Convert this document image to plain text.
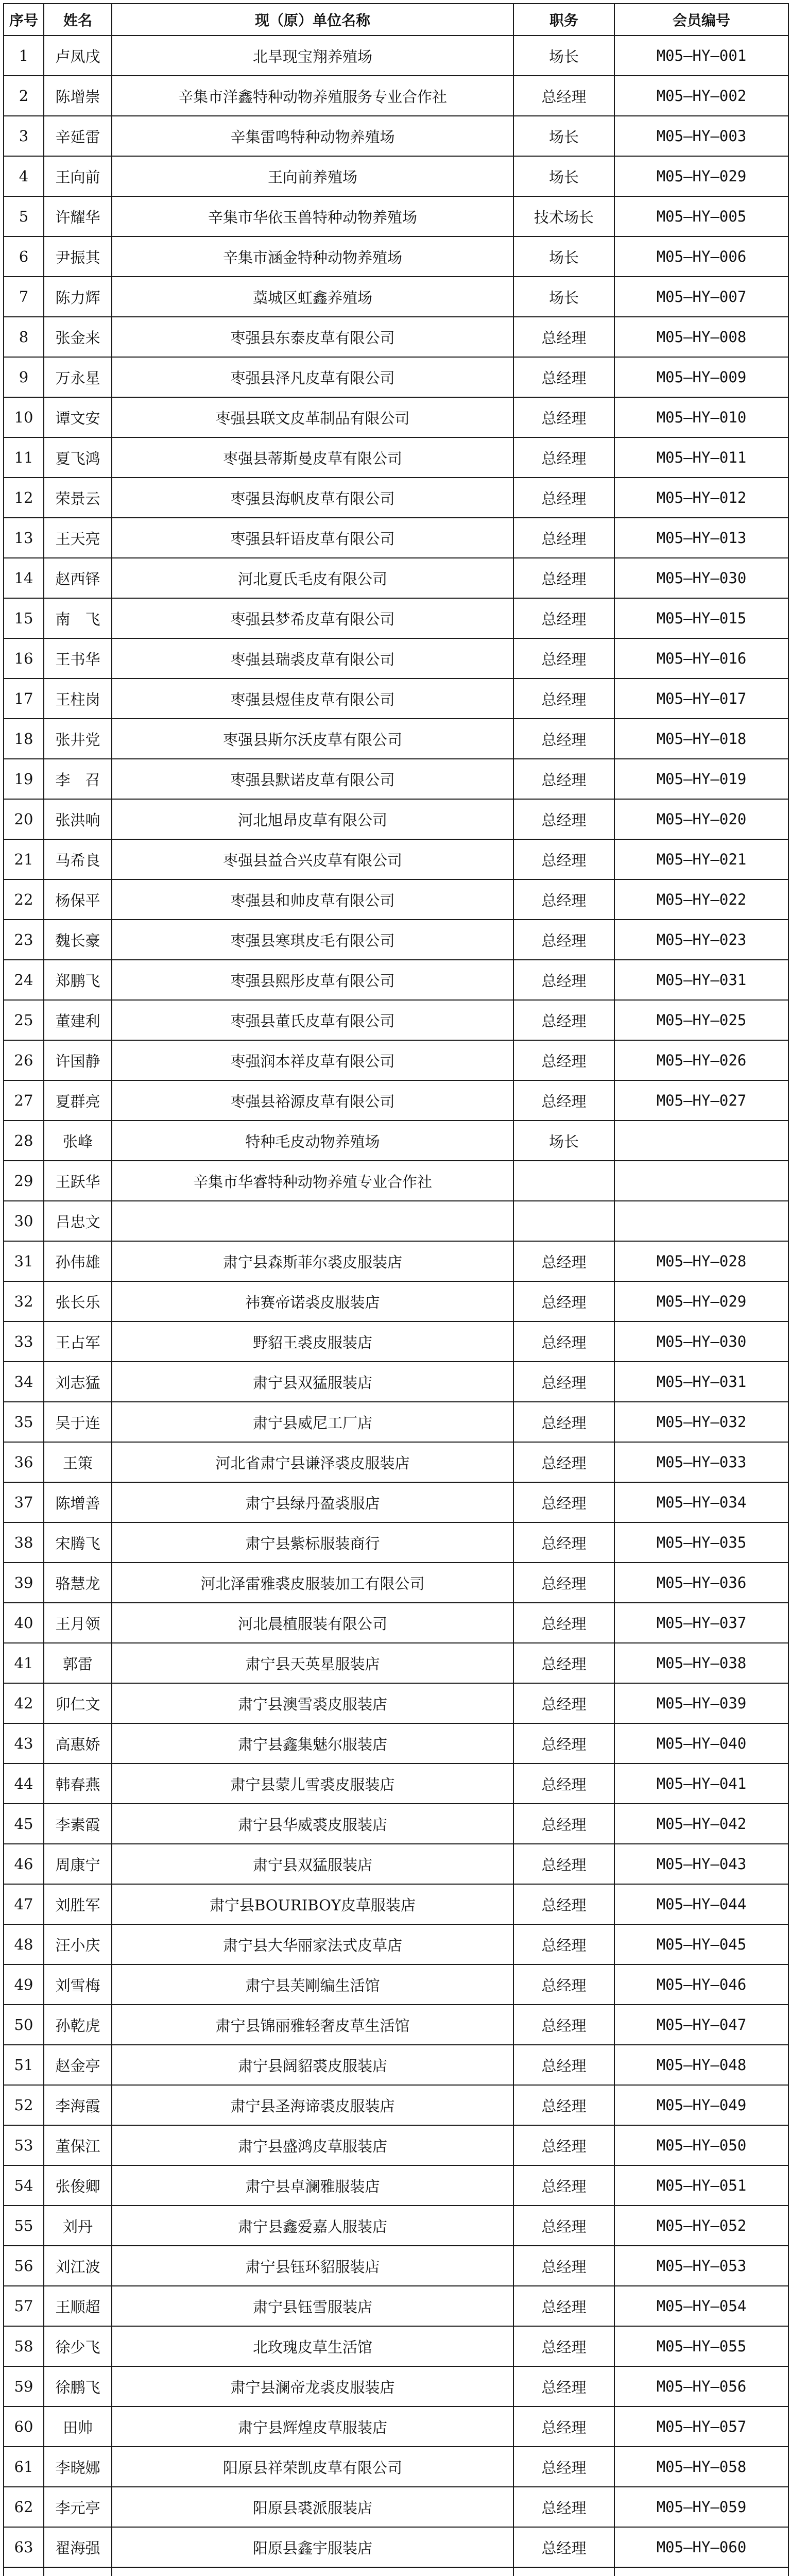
序号	姓名	现（原）单位名称	职务	会员编号
1	卢凤戌	北旱现宝翔养殖场	场长	M05—HY—001
2	陈增崇	辛集市洋鑫特种动物养殖服务专业合作社	总经理	M05—HY—002
3	辛延雷	辛集雷鸣特种动物养殖场	场长	M05—HY—003
4	王向前	王向前养殖场	场长	M05—HY—029
5	许耀华	辛集市华依玉兽特种动物养殖场	技术场长	M05—HY—005
6	尹振其	辛集市涵金特种动物养殖场	场长	M05—HY—006
7	陈力辉	藁城区虹鑫养殖场	场长	M05—HY—007
8	张金来	枣强县东泰皮草有限公司	总经理	M05—HY—008
9	万永星	枣强县泽凡皮草有限公司	总经理	M05—HY—009
10	谭文安	枣强县联文皮革制品有限公司	总经理	M05—HY—010
11	夏飞鸿	枣强县蒂斯曼皮草有限公司	总经理	M05—HY—011
12	荣景云	枣强县海帆皮草有限公司	总经理	M05—HY—012
13	王天亮	枣强县轩语皮草有限公司	总经理	M05—HY—013
14	赵西铎	河北夏氏毛皮有限公司	总经理	M05—HY—030
15	南　飞	枣强县梦希皮草有限公司	总经理	M05—HY—015
16	王书华	枣强县瑞裘皮草有限公司	总经理	M05—HY—016
17	王柱岗	枣强县煜佳皮草有限公司	总经理	M05—HY—017
18	张井党	枣强县斯尔沃皮草有限公司	总经理	M05—HY—018
19	李　召	枣强县默诺皮草有限公司	总经理	M05—HY—019
20	张洪响	河北旭昂皮草有限公司	总经理	M05—HY—020
21	马希良	枣强县益合兴皮草有限公司	总经理	M05—HY—021
22	杨保平	枣强县和帅皮草有限公司	总经理	M05—HY—022
23	魏长豪	枣强县寒琪皮毛有限公司	总经理	M05—HY—023
24	郑鹏飞	枣强县熙彤皮草有限公司	总经理	M05—HY—031
25	董建利	枣强县董氏皮草有限公司	总经理	M05—HY—025
26	许国静	枣强润本祥皮草有限公司	总经理	M05—HY—026
27	夏群亮	枣强县裕源皮草有限公司	总经理	M05—HY—027
28	张峰	特种毛皮动物养殖场	场长	
29	王跃华	辛集市华睿特种动物养殖专业合作社		
30	吕忠文			
31	孙伟雄	肃宁县森斯菲尔裘皮服装店	总经理	M05—HY—028
32	张长乐	祎赛帝诺裘皮服装店	总经理	M05—HY—029
33	王占军	野貂王裘皮服装店	总经理	M05—HY—030
34	刘志猛	肃宁县双猛服装店	总经理	M05—HY—031
35	吴于连	肃宁县威尼工厂店	总经理	M05—HY—032
36	王策	河北省肃宁县谦泽裘皮服装店	总经理	M05—HY—033
37	陈增善	肃宁县绿丹盈裘服店	总经理	M05—HY—034
38	宋腾飞	肃宁县紫标服装商行	总经理	M05—HY—035
39	骆慧龙	河北泽雷雅裘皮服装加工有限公司	总经理	M05—HY—036
40	王月领	河北晨植服装有限公司	总经理	M05—HY—037
41	郭雷	肃宁县天英星服装店	总经理	M05—HY—038
42	卯仁文	肃宁县澳雪裘皮服装店	总经理	M05—HY—039
43	高惠娇	肃宁县鑫集魅尔服装店	总经理	M05—HY—040
44	韩春燕	肃宁县蒙儿雪裘皮服装店	总经理	M05—HY—041
45	李素霞	肃宁县华威裘皮服装店	总经理	M05—HY—042
46	周康宁	肃宁县双猛服装店	总经理	M05—HY—043
47	刘胜军	肃宁县BOURIBOY皮草服装店	总经理	M05—HY—044
48	汪小庆	肃宁县大华丽家法式皮草店	总经理	M05—HY—045
49	刘雪梅	肃宁县芙剛编生活馆	总经理	M05—HY—046
50	孙乾虎	肃宁县锦丽雅轻奢皮草生活馆	总经理	M05—HY—047
51	赵金亭	肃宁县阔貂裘皮服装店	总经理	M05—HY—048
52	李海霞	肃宁县圣海谛裘皮服装店	总经理	M05—HY—049
53	董保江	肃宁县盛鸿皮草服装店	总经理	M05—HY—050
54	张俊卿	肃宁县卓澜雅服装店	总经理	M05—HY—051
55	刘丹	肃宁县鑫爱嘉人服装店	总经理	M05—HY—052
56	刘江波	肃宁县钰环貂服装店	总经理	M05—HY—053
57	王顺超	肃宁县钰雪服装店	总经理	M05—HY—054
58	徐少飞	北玫瑰皮草生活馆	总经理	M05—HY—055
59	徐鹏飞	肃宁县澜帝龙裘皮服装店	总经理	M05—HY—056
60	田帅	肃宁县辉煌皮草服装店	总经理	M05—HY—057
61	李晓娜	阳原县祥荣凯皮草有限公司	总经理	M05—HY—058
62	李元亭	阳原县裘派服装店	总经理	M05—HY—059
63	翟海强	阳原县鑫宇服装店	总经理	M05—HY—060
